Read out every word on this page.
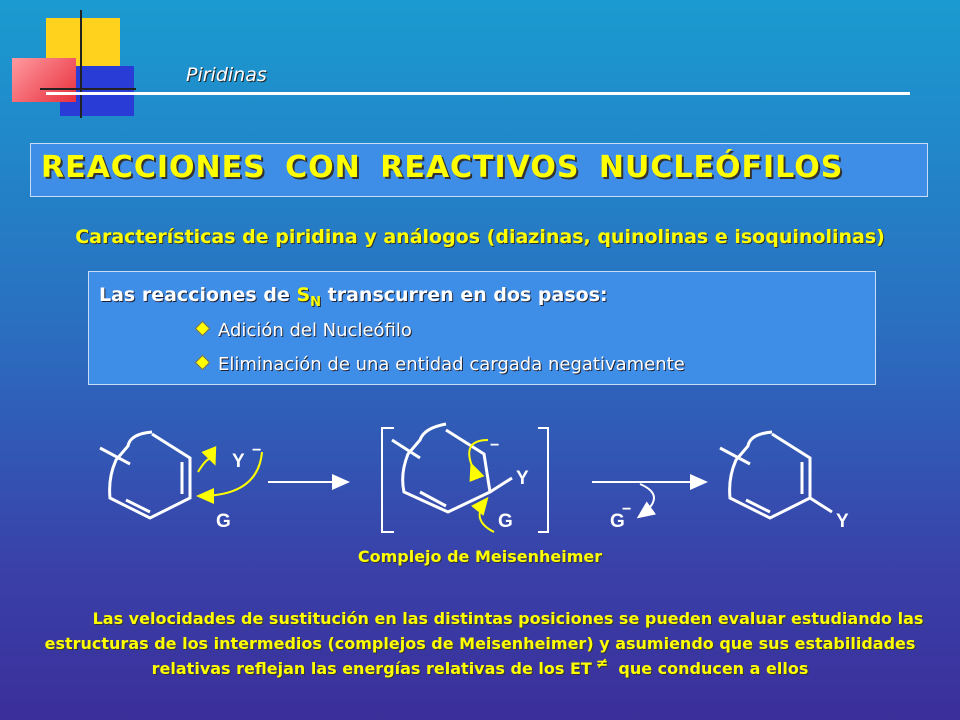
Piridinas
REACCIONES CON REACTIVOS NUCLEÓFILOS
Características de piridina y análogos (diazinas, quinolinas e isoquinolinas)
Las reacciones de $S_N$ transcurren en dos pasos:
Adición del Nucleófilo
Eliminación de una entidad cargada negativamente
Y
−
G
−
Y
G	G
−
Y
Complejo de Meisenheimer
Las velocidades de sustitución en las distintas posiciones se pueden evaluar estudiando las
estructuras de los intermedios (complejos de Meisenheimer) y asumiendo que sus estabilidades
relativas reflejan las energías relativas de los ET ≠ que conducen a ellos
